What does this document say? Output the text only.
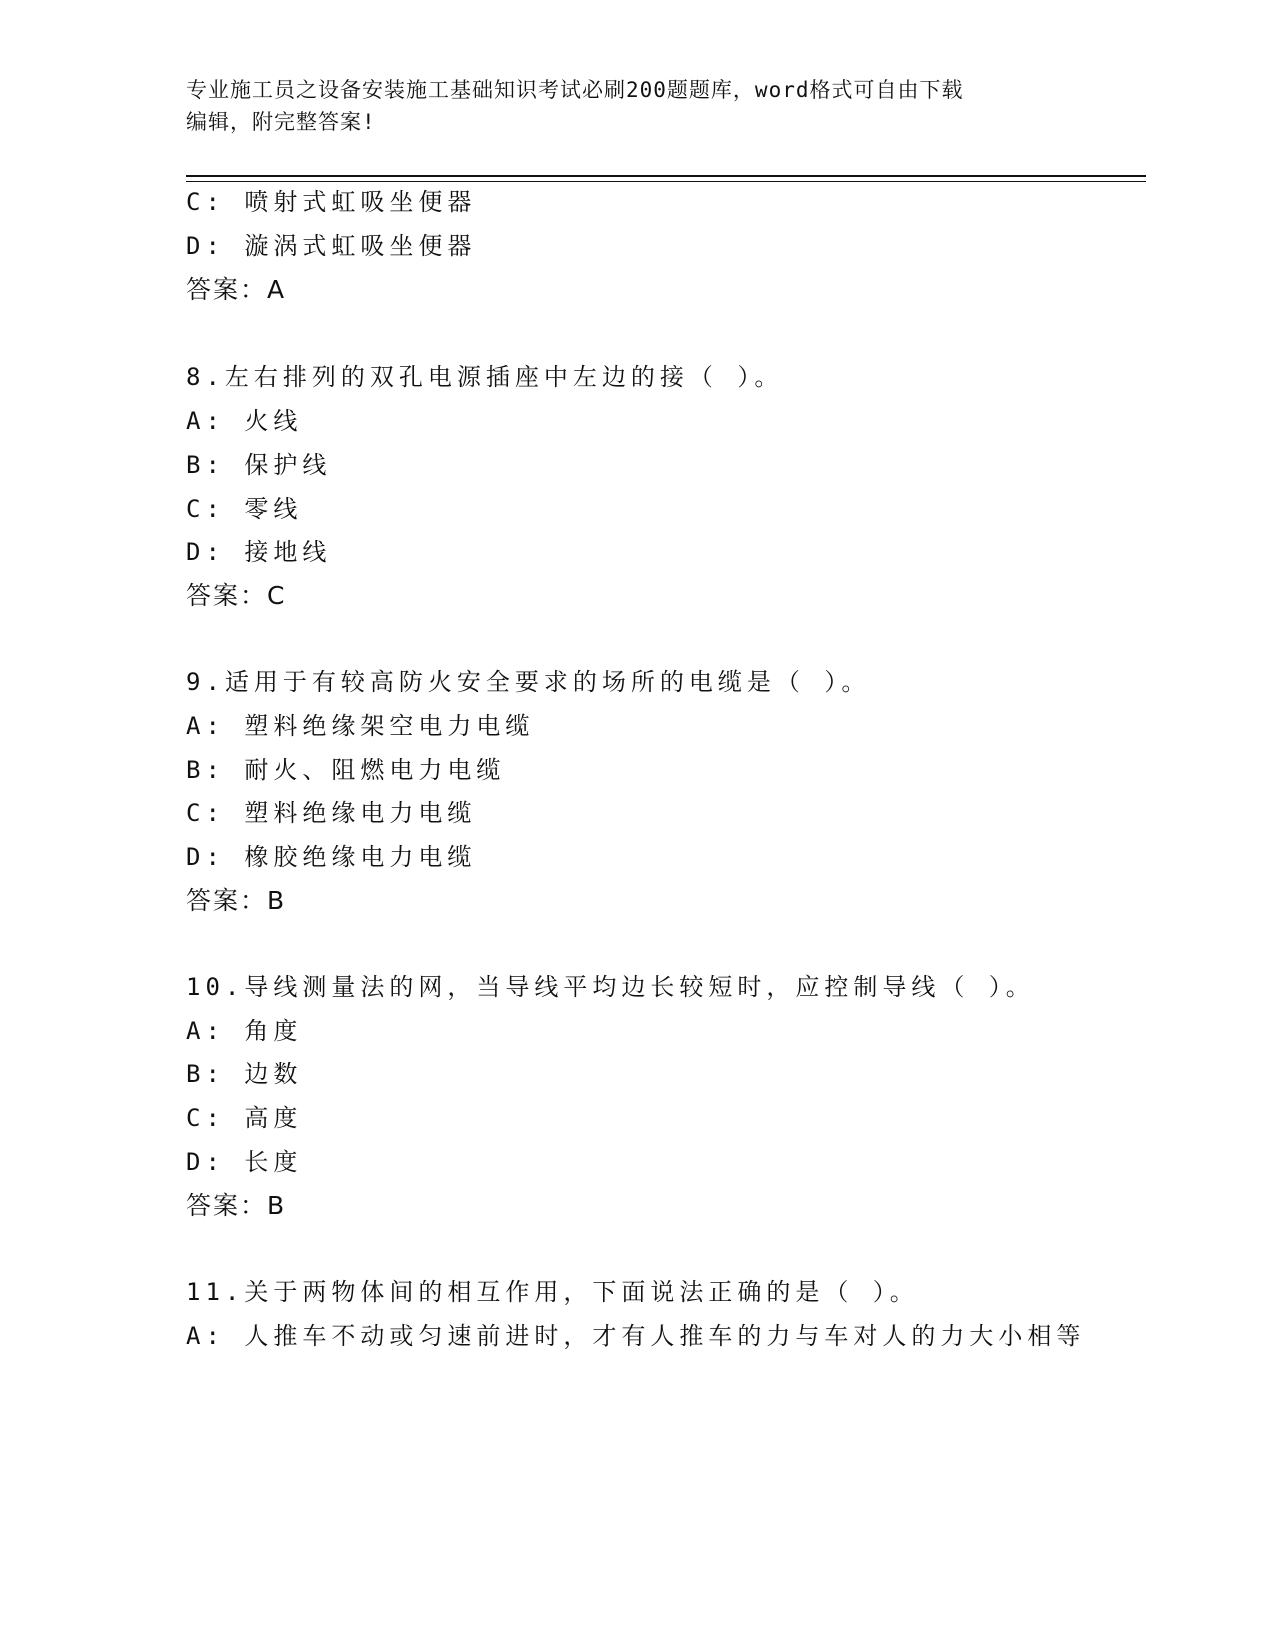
专业施工员之设备安装施工基础知识考试必刷200题题库，word格式可自由下载
编辑，附完整答案!
C: 喷射式虹吸坐便器
D: 漩涡式虹吸坐便器
答案：A
8.左右排列的双孔电源插座中左边的接（ ）。
A: 火线
B: 保护线
C: 零线
D: 接地线
答案：C
9.适用于有较高防火安全要求的场所的电缆是（ ）。
A: 塑料绝缘架空电力电缆
B: 耐火、阻燃电力电缆
C: 塑料绝缘电力电缆
D: 橡胶绝缘电力电缆
答案：B
10.导线测量法的网，当导线平均边长较短时，应控制导线（ ）。
A: 角度
B: 边数
C: 高度
D: 长度
答案：B
11.关于两物体间的相互作用，下面说法正确的是（ ）。
A: 人推车不动或匀速前进时，才有人推车的力与车对人的力大小相等
